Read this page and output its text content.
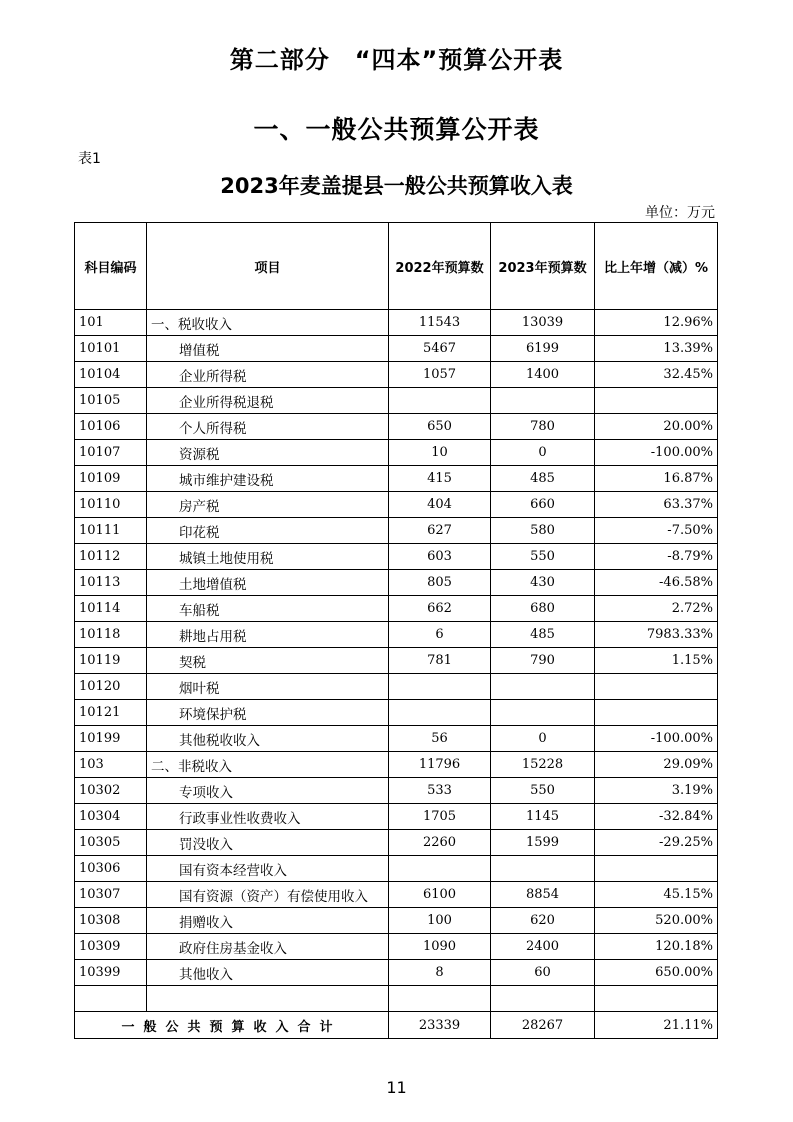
第二部分　“四本”预算公开表
一、一般公共预算公开表
表1
2023年麦盖提县一般公共预算收入表
单位：万元
科目编码	项目	2022年预算数	2023年预算数	比上年增（减）%
101	一、税收收入	11543	13039	12.96%
10101	增值税	5467	6199	13.39%
10104	企业所得税	1057	1400	32.45%
10105	企业所得税退税			
10106	个人所得税	650	780	20.00%
10107	资源税	10	0	-100.00%
10109	城市维护建设税	415	485	16.87%
10110	房产税	404	660	63.37%
10111	印花税	627	580	-7.50%
10112	城镇土地使用税	603	550	-8.79%
10113	土地增值税	805	430	-46.58%
10114	车船税	662	680	2.72%
10118	耕地占用税	6	485	7983.33%
10119	契税	781	790	1.15%
10120	烟叶税			
10121	环境保护税			
10199	其他税收收入	56	0	-100.00%
103	二、非税收入	11796	15228	29.09%
10302	专项收入	533	550	3.19%
10304	行政事业性收费收入	1705	1145	-32.84%
10305	罚没收入	2260	1599	-29.25%
10306	国有资本经营收入			
10307	国有资源（资产）有偿使用收入	6100	8854	45.15%
10308	捐赠收入	100	620	520.00%
10309	政府住房基金收入	1090	2400	120.18%
10399	其他收入	8	60	650.00%

一般公共预算收入合计		23339	28267	21.11%
11
